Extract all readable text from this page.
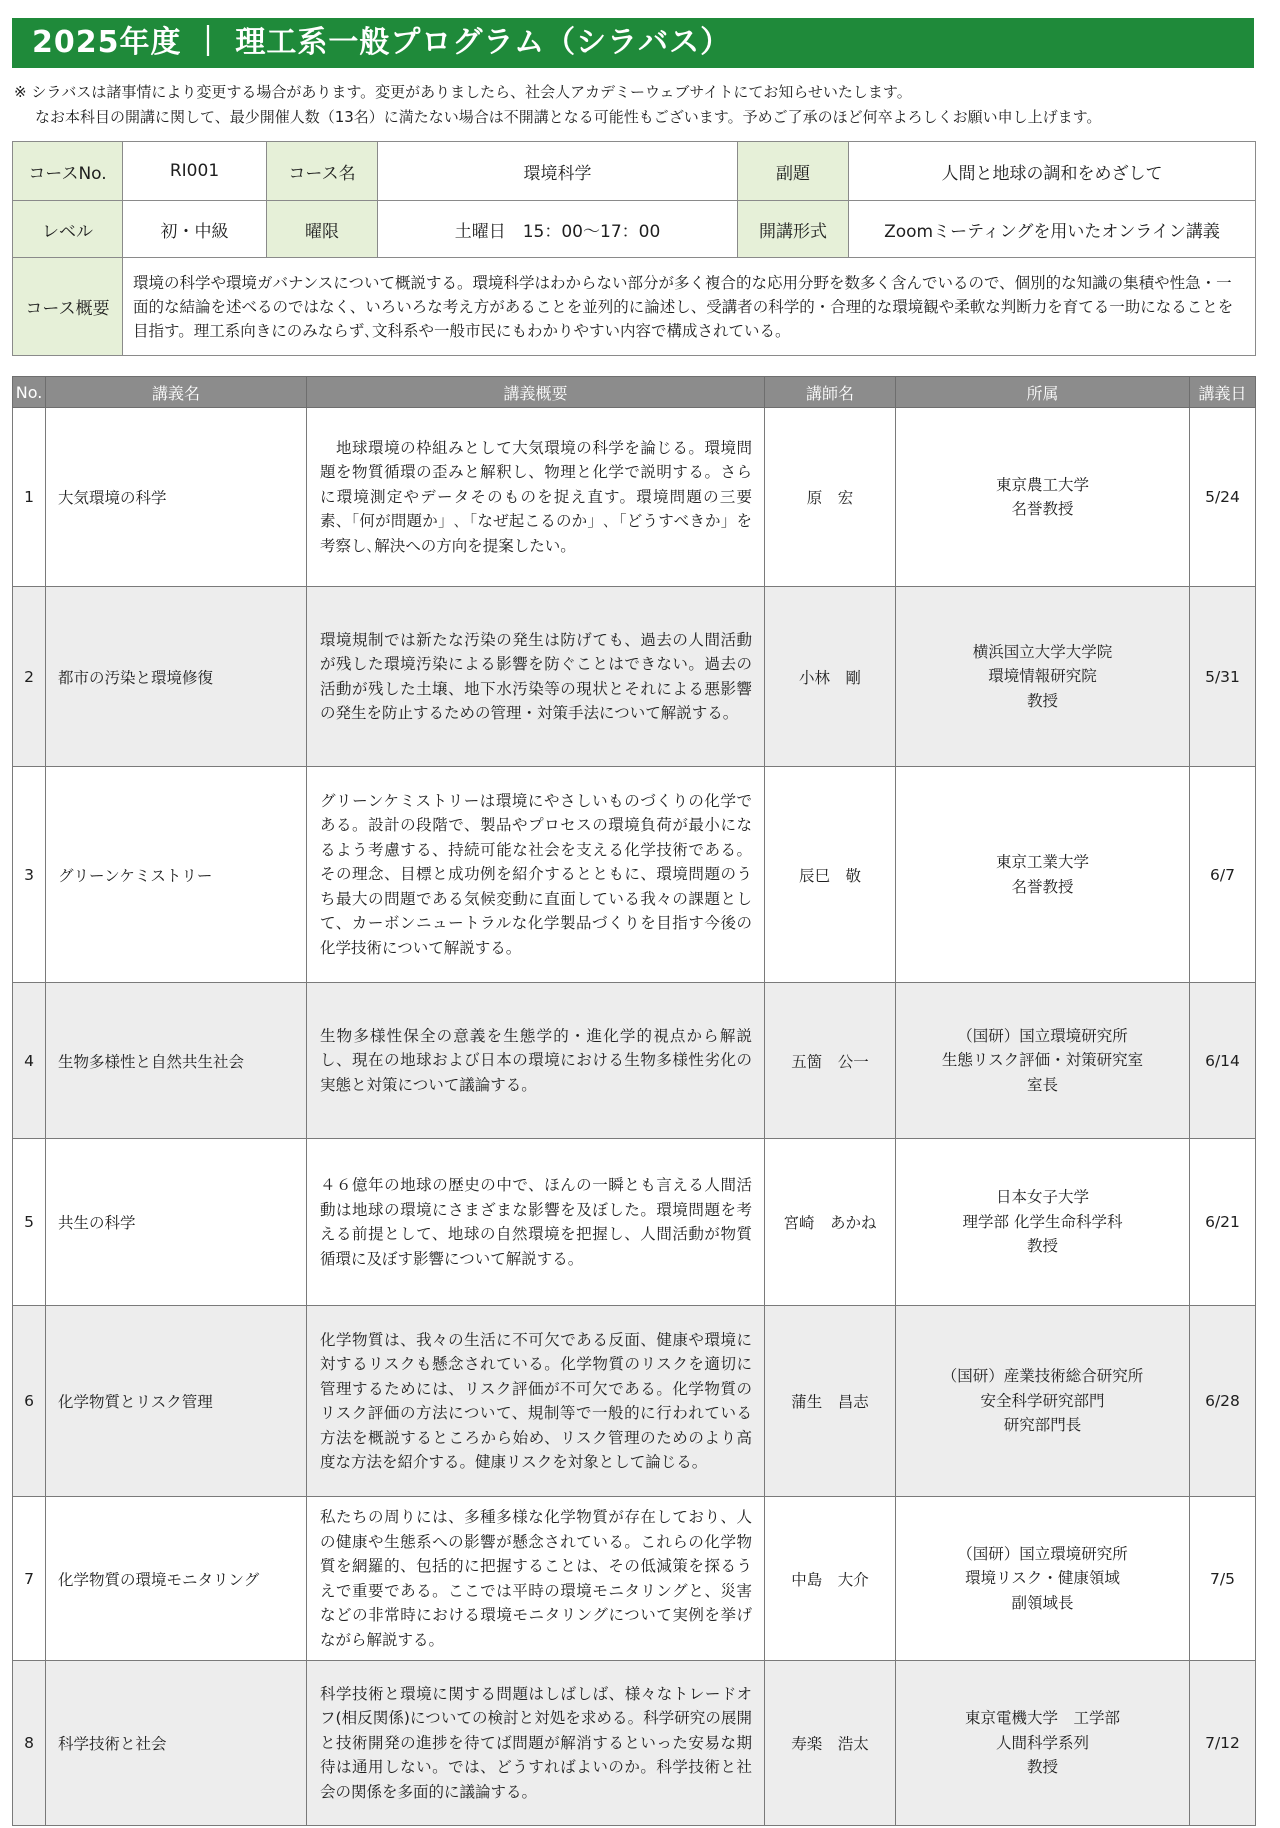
2025年度 ｜ 理工系一般プログラム（シラバス）
※ シラバスは諸事情により変更する場合があります。変更がありましたら、社会人アカデミーウェブサイトにてお知らせいたします。
なお本科目の開講に関して、最少開催人数（13名）に満たない場合は不開講となる可能性もございます。予めご了承のほど何卒よろしくお願い申し上げます。
コースNo.	RI001	コース名	環境科学	副題	人間と地球の調和をめざして
レベル	初・中級	曜限	土曜日　15：00～17：00	開講形式	Zoomミーティングを用いたオンライン講義
コース概要	環境の科学や環境ガバナンスについて概説する。環境科学はわからない部分が多く複合的な応用分野を数多く含んでいるので、個別的な知識の集積や性急・一面的な結論を述べるのではなく、いろいろな考え方があることを並列的に論述し、受講者の科学的・合理的な環境観や柔軟な判断力を育てる一助になることを目指す。理工系向きにのみならず､文科系や一般市民にもわかりやすい内容で構成されている。				
No.	講義名	講義概要	講師名	所属	講義日
1	大気環境の科学	　地球環境の枠組みとして大気環境の科学を論じる。環境問題を物質循環の歪みと解釈し、物理と化学で説明する。さらに環境測定やデータそのものを捉え直す。環境問題の三要素、「何が問題か」､「なぜ起こるのか」､「どうすべきか」を考察し､解決への方向を提案したい。	原　宏	東京農工大学
名誉教授	5/24
2	都市の汚染と環境修復	環境規制では新たな汚染の発生は防げても、過去の人間活動が残した環境汚染による影響を防ぐことはできない。過去の活動が残した土壌、地下水汚染等の現状とそれによる悪影響の発生を防止するための管理・対策手法について解説する。	小林　剛	横浜国立大学大学院
環境情報研究院
教授	5/31
3	グリーンケミストリー	グリーンケミストリーは環境にやさしいものづくりの化学である。設計の段階で、製品やプロセスの環境負荷が最小になるよう考慮する、持続可能な社会を支える化学技術である。その理念、目標と成功例を紹介するとともに、環境問題のうち最大の問題である気候変動に直面している我々の課題として、カーボンニュートラルな化学製品づくりを目指す今後の化学技術について解説する。	辰巳　敬	東京工業大学
名誉教授	6/7
4	生物多様性と自然共生社会	生物多様性保全の意義を生態学的・進化学的視点から解説し、現在の地球および日本の環境における生物多様性劣化の実態と対策について議論する。	五箇　公一	（国研）国立環境研究所
生態リスク評価・対策研究室
室長	6/14
5	共生の科学	４６億年の地球の歴史の中で、ほんの一瞬とも言える人間活動は地球の環境にさまざまな影響を及ぼした。環境問題を考える前提として、地球の自然環境を把握し、人間活動が物質循環に及ぼす影響について解説する。	宮崎　あかね	日本女子大学
理学部 化学生命科学科
教授	6/21
6	化学物質とリスク管理	化学物質は、我々の生活に不可欠である反面、健康や環境に対するリスクも懸念されている。化学物質のリスクを適切に管理するためには、リスク評価が不可欠である。化学物質のリスク評価の方法について、規制等で一般的に行われている方法を概説するところから始め、リスク管理のためのより高度な方法を紹介する。健康リスクを対象として論じる。	蒲生　昌志	（国研）産業技術総合研究所
安全科学研究部門
研究部門長	6/28
7	化学物質の環境モニタリング	私たちの周りには、多種多様な化学物質が存在しており、人の健康や生態系への影響が懸念されている。これらの化学物質を網羅的、包括的に把握することは、その低減策を探るうえで重要である。ここでは平時の環境モニタリングと、災害などの非常時における環境モニタリングについて実例を挙げながら解説する。	中島　大介	（国研）国立環境研究所
環境リスク・健康領域
副領域長	7/5
8	科学技術と社会	科学技術と環境に関する問題はしばしば、様々なトレードオフ(相反関係)についての検討と対処を求める。科学研究の展開と技術開発の進捗を待てば問題が解消するといった安易な期待は通用しない。では、どうすればよいのか。科学技術と社会の関係を多面的に議論する。	寿楽　浩太	東京電機大学　工学部
人間科学系列
教授	7/12
